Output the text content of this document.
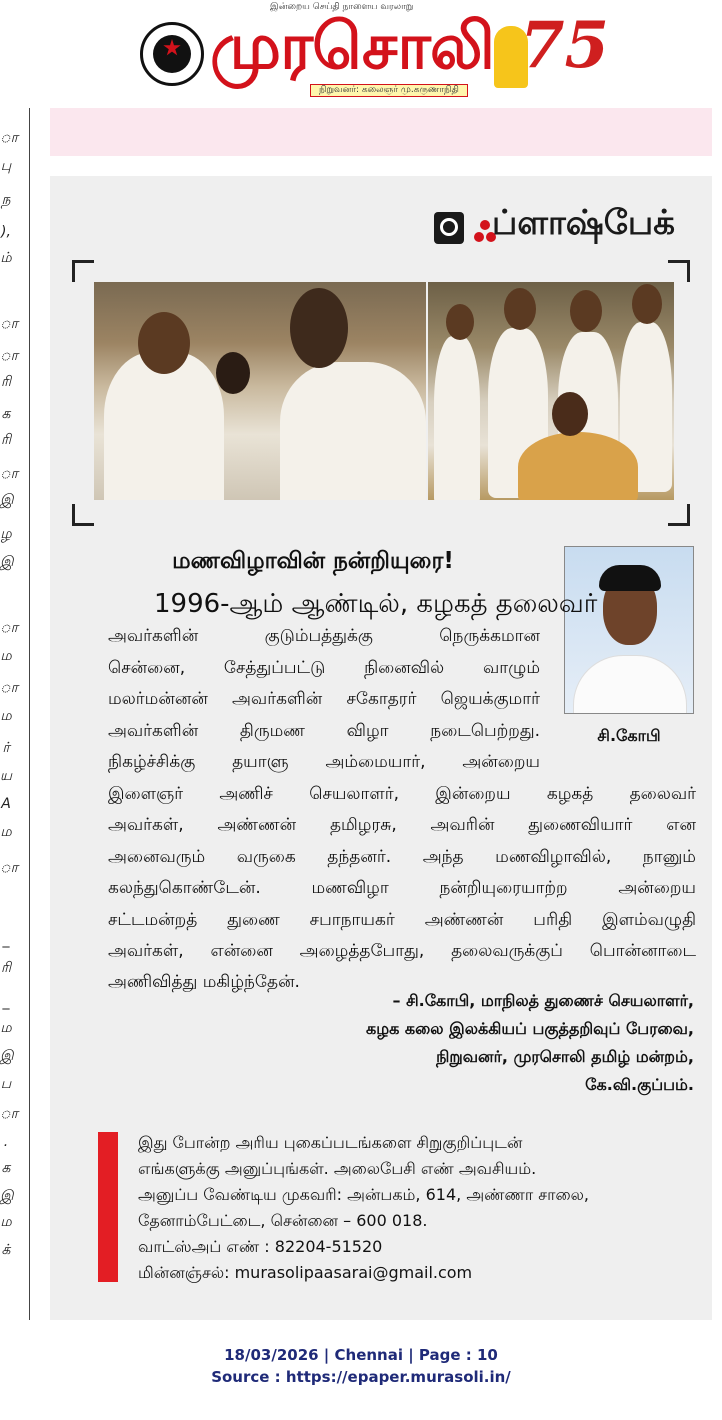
இன்றைய செய்தி நாளைய வரலாறு
முரசொலி
நிறுவனர்: கலைஞர் மு.கருணாநிதி
75
ா
பு
ந
),
ம்
ா
ா
ரி
க
ரி
ா
இ
ழ
இ
ா
ம
ா
ம
ர்
ய
A
ம
ா
_
ரி
_
ம
இ
ப
ா
.
க
இ
ம
க்
ப்ளாஷ்பேக்
மணவிழாவின் நன்றியுரை!
சி.கோபி
1996-ஆம் ஆண்டில், கழகத் தலைவர்
அவர்களின் குடும்பத்துக்கு நெருக்கமான
சென்னை, சேத்துப்பட்டு நினைவில் வாழும்
மலர்மன்னன் அவர்களின் சகோதரர் ஜெயக்குமார்
அவர்களின் திருமண விழா நடைபெற்றது.
நிகழ்ச்சிக்கு தயாளு அம்மையார், அன்றைய
இளைஞர் அணிச் செயலாளர், இன்றைய கழகத் தலைவர்
அவர்கள், அண்ணன் தமிழரசு, அவரின் துணைவியார் என
அனைவரும் வருகை தந்தனர். அந்த மணவிழாவில், நானும்
கலந்துகொண்டேன். மணவிழா நன்றியுரையாற்ற அன்றைய
சட்டமன்றத் துணை சபாநாயகர் அண்ணன் பரிதி இளம்வழுதி
அவர்கள், என்னை அழைத்தபோது, தலைவருக்குப் பொன்னாடை
அணிவித்து மகிழ்ந்தேன்.
– சி.கோபி, மாநிலத் துணைச் செயலாளர்,
கழக கலை இலக்கியப் பகுத்தறிவுப் பேரவை,
நிறுவனர், முரசொலி தமிழ் மன்றம்,
கே.வி.குப்பம்.
இது போன்ற அரிய புகைப்படங்களை சிறுகுறிப்புடன்
எங்களுக்கு அனுப்புங்கள். அலைபேசி எண் அவசியம்.
அனுப்ப வேண்டிய முகவரி: அன்பகம், 614, அண்ணா சாலை,
தேனாம்பேட்டை, சென்னை – 600 018.
வாட்ஸ்அப் எண் : 82204-51520
மின்னஞ்சல்: murasolipaasarai@gmail.com
18/03/2026 | Chennai | Page : 10
Source : https://epaper.murasoli.in/
